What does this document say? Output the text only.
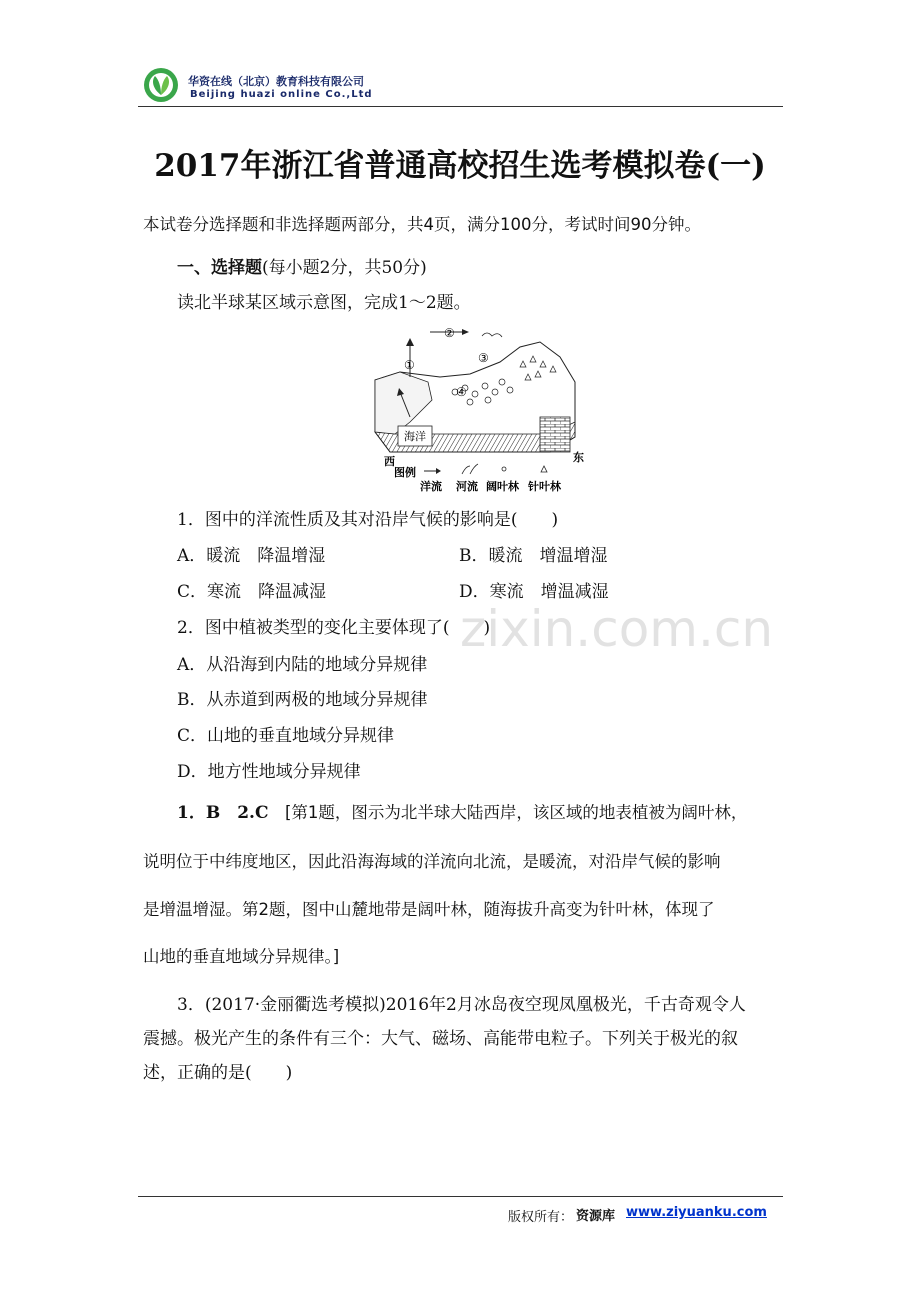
华资在线（北京）教育科技有限公司
Beijing huazi online Co.,Ltd
2017年浙江省普通高校招生选考模拟卷(一)
本试卷分选择题和非选择题两部分，共4页，满分100分，考试时间90分钟。
一、选择题(每小题2分，共50分)
读北半球某区域示意图，完成1～2题。
海洋
①
②
③
④
西	东
图例
洋流 河流 阔叶林 针叶林
1．图中的洋流性质及其对沿岸气候的影响是(　　)
A．暖流　降温增湿	B．暖流　增温增湿
C．寒流　降温减湿	D．寒流　增温减湿
2．图中植被类型的变化主要体现了(　　)
A．从沿海到内陆的地域分异规律
B．从赤道到两极的地域分异规律
C．山地的垂直地域分异规律
D．地方性地域分异规律
zixin.com.cn
1．B　2.C　 [第1题，图示为北半球大陆西岸，该区域的地表植被为阔叶林，
说明位于中纬度地区，因此沿海海域的洋流向北流，是暖流，对沿岸气候的影响
是增温增湿。第2题，图中山麓地带是阔叶林，随海拔升高变为针叶林，体现了
山地的垂直地域分异规律。]
3．(2017·金丽衢选考模拟)2016年2月冰岛夜空现凤凰极光，千古奇观令人
震撼。极光产生的条件有三个：大气、磁场、高能带电粒子。下列关于极光的叙
述，正确的是(　　)
版权所有： 资源库 www.ziyuanku.com
